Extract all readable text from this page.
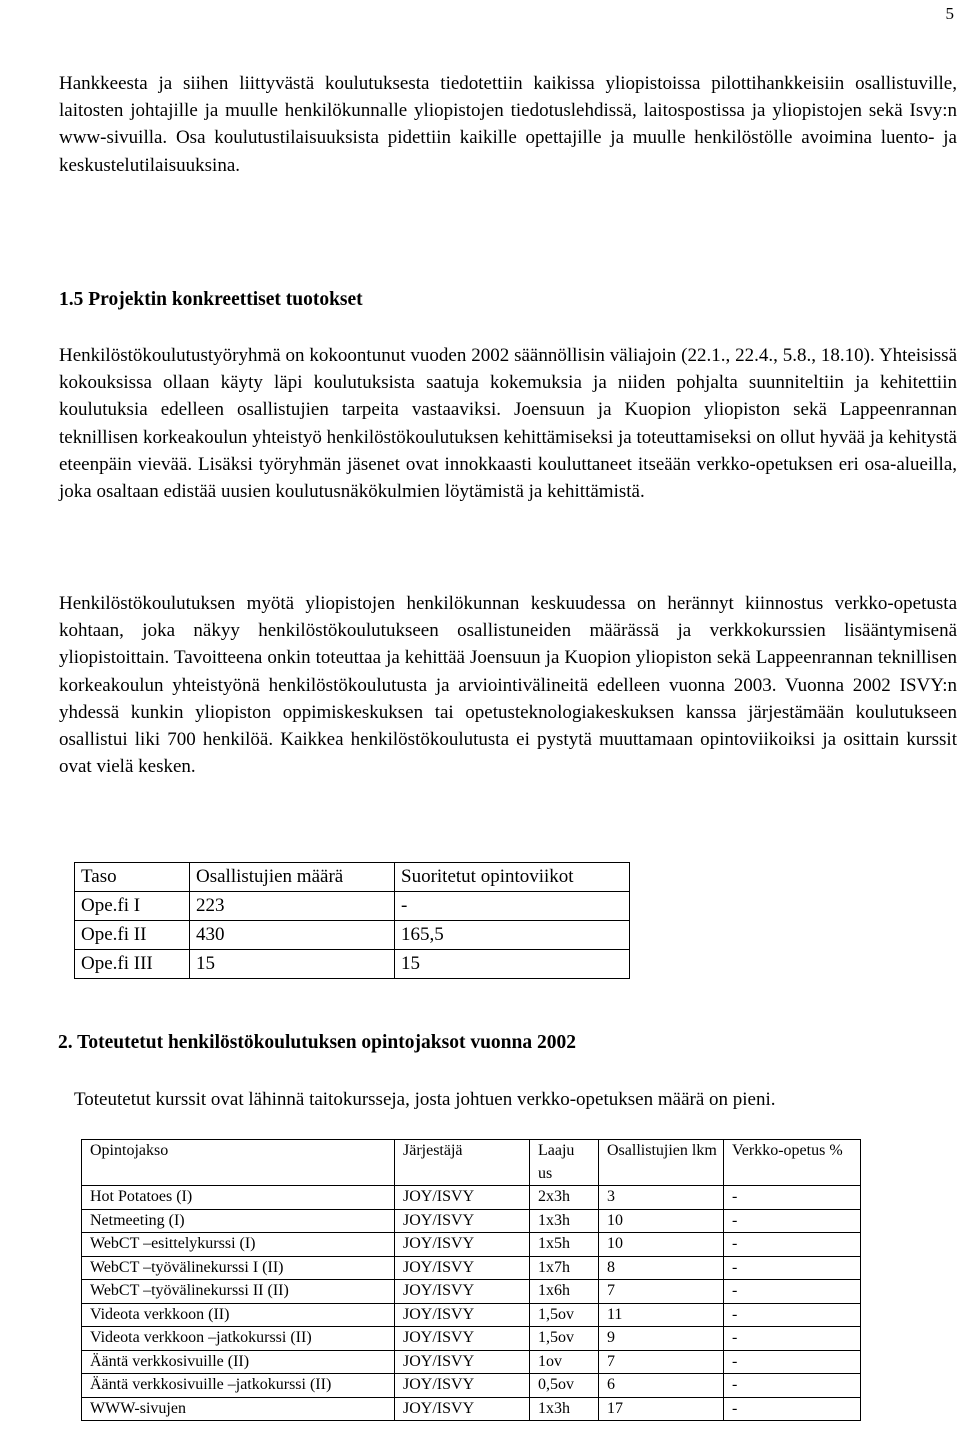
5

Hankkeesta ja siihen liittyvästä koulutuksesta tiedotettiin kaikissa yliopistoissa pilottihankkeisiin osallistuville, laitosten johtajille ja muulle henkilökunnalle yliopistojen tiedotuslehdissä, laitospostissa ja yliopistojen sekä Isvy:n www-sivuilla. Osa koulutustilaisuuksista pidettiin kaikille opettajille ja muulle henkilöstölle avoimina luento- ja keskustelutilaisuuksina.

1.5 Projektin konkreettiset tuotokset

Henkilöstökoulutustyöryhmä on kokoontunut vuoden 2002 säännöllisin väliajoin (22.1., 22.4., 5.8., 18.10). Yhteisissä kokouksissa ollaan käyty läpi koulutuksista saatuja kokemuksia ja niiden pohjalta suunniteltiin ja kehitettiin koulutuksia edelleen osallistujien tarpeita vastaaviksi. Joensuun ja Kuopion yliopiston sekä Lappeenrannan teknillisen korkeakoulun yhteistyö henkilöstökoulutuksen kehittämiseksi ja toteuttamiseksi on ollut hyvää ja kehitystä eteenpäin vievää. Lisäksi työryhmän jäsenet ovat innokkaasti kouluttaneet itseään verkko-opetuksen eri osa-alueilla, joka osaltaan edistää uusien koulutusnäkökulmien löytämistä ja kehittämistä.

Henkilöstökoulutuksen myötä yliopistojen henkilökunnan keskuudessa on herännyt kiinnostus verkko-opetusta kohtaan, joka näkyy henkilöstökoulutukseen osallistuneiden määrässä ja verkkokurssien lisääntymisenä yliopistoittain. Tavoitteena onkin toteuttaa ja kehittää Joensuun ja Kuopion yliopiston sekä Lappeenrannan teknillisen korkeakoulun yhteistyönä henkilöstökoulutusta ja arviointivälineitä edelleen vuonna 2003. Vuonna 2002 ISVY:n yhdessä kunkin yliopiston oppimiskeskuksen tai opetusteknologiakeskuksen kanssa järjestämään koulutukseen osallistui liki 700 henkilöä. Kaikkea henkilöstökoulutusta ei pystytä muuttamaan opintoviikoiksi ja osittain kurssit ovat vielä kesken.

Taso	Osallistujien määrä	Suoritetut opintoviikot
Ope.fi I	223	-
Ope.fi II	430	165,5
Ope.fi III	15	15
2. Toteutetut henkilöstökoulutuksen opintojaksot vuonna 2002

Toteutetut kurssit ovat lähinnä taitokursseja, josta johtuen verkko-opetuksen määrä on pieni.

Opintojakso	Järjestäjä	Laaju us	Osallistujien lkm	Verkko-opetus %
Hot Potatoes (I)	JOY/ISVY	2x3h	3	-
Netmeeting (I)	JOY/ISVY	1x3h	10	-
WebCT –esittelykurssi (I)	JOY/ISVY	1x5h	10	-
WebCT –työvälinekurssi I (II)	JOY/ISVY	1x7h	8	-
WebCT –työvälinekurssi II (II)	JOY/ISVY	1x6h	7	-
Videota verkkoon (II)	JOY/ISVY	1,5ov	11	-
Videota verkkoon –jatkokurssi (II)	JOY/ISVY	1,5ov	9	-
Ääntä verkkosivuille (II)	JOY/ISVY	1ov	7	-
Ääntä verkkosivuille –jatkokurssi (II)	JOY/ISVY	0,5ov	6	-
WWW-sivujen	JOY/ISVY	1x3h	17	-
